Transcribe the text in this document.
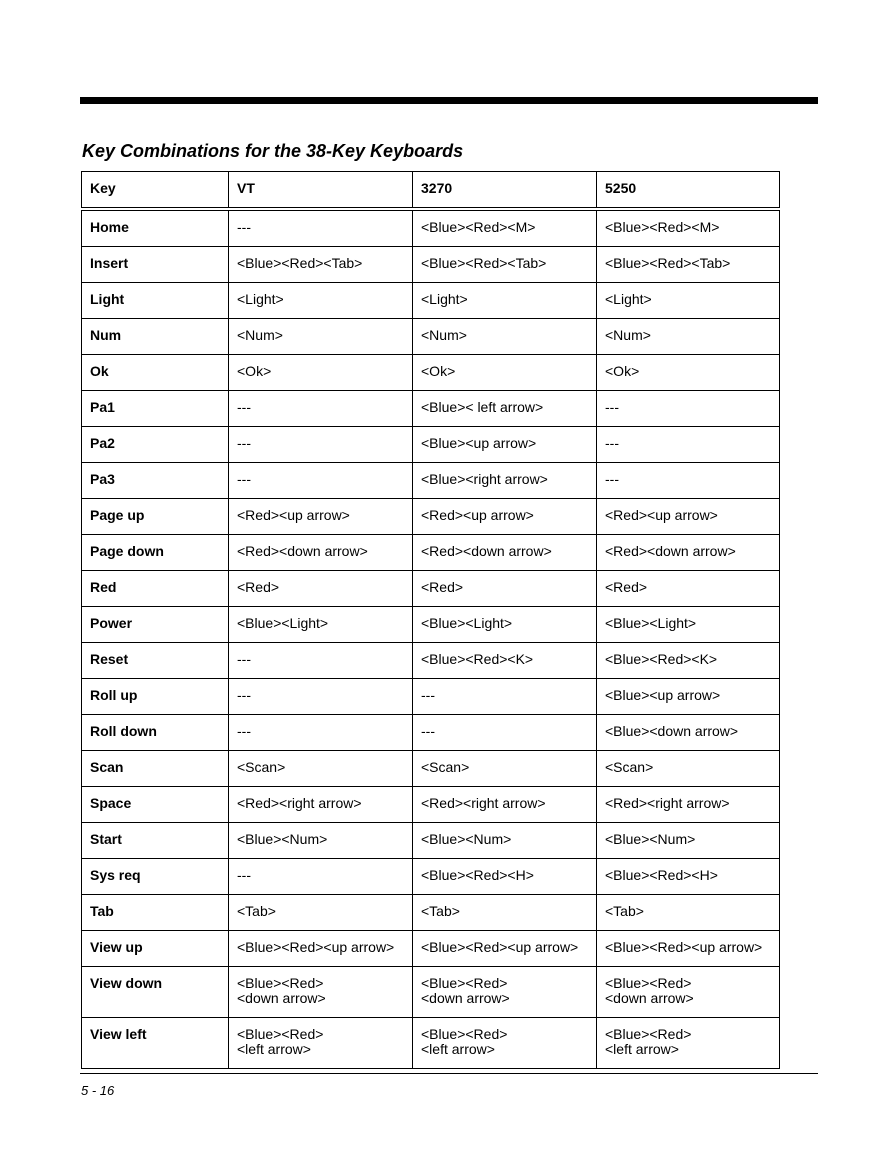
Key Combinations for the 38-Key Keyboards
Key	VT	3270	5250
Home	---	<Blue><Red><M>	<Blue><Red><M>

Insert	<Blue><Red><Tab>	<Blue><Red><Tab>	<Blue><Red><Tab>

Light	<Light>	<Light>	<Light>

Num	<Num>	<Num>	<Num>

Ok	<Ok>	<Ok>	<Ok>

Pa1	---	<Blue>< left arrow>	---

Pa2	---	<Blue><up arrow>	---

Pa3	---	<Blue><right arrow>	---

Page up	<Red><up arrow>	<Red><up arrow>	<Red><up arrow>

Page down	<Red><down arrow>	<Red><down arrow>	<Red><down arrow>

Red	<Red>	<Red>	<Red>

Power	<Blue><Light>	<Blue><Light>	<Blue><Light>

Reset	---	<Blue><Red><K>	<Blue><Red><K>

Roll up	---	---	<Blue><up arrow>

Roll down	---	---	<Blue><down arrow>

Scan	<Scan>	<Scan>	<Scan>

Space	<Red><right arrow>	<Red><right arrow>	<Red><right arrow>

Start	<Blue><Num>	<Blue><Num>	<Blue><Num>

Sys req	---	<Blue><Red><H>	<Blue><Red><H>

Tab	<Tab>	<Tab>	<Tab>

View up	<Blue><Red><up arrow>	<Blue><Red><up arrow>	<Blue><Red><up arrow>

View down	<Blue><Red>
<down arrow>	<Blue><Red>
<down arrow>	<Blue><Red>
<down arrow>

View left	<Blue><Red>
<left arrow>	<Blue><Red>
<left arrow>	<Blue><Red>
<left arrow>
5 - 16
